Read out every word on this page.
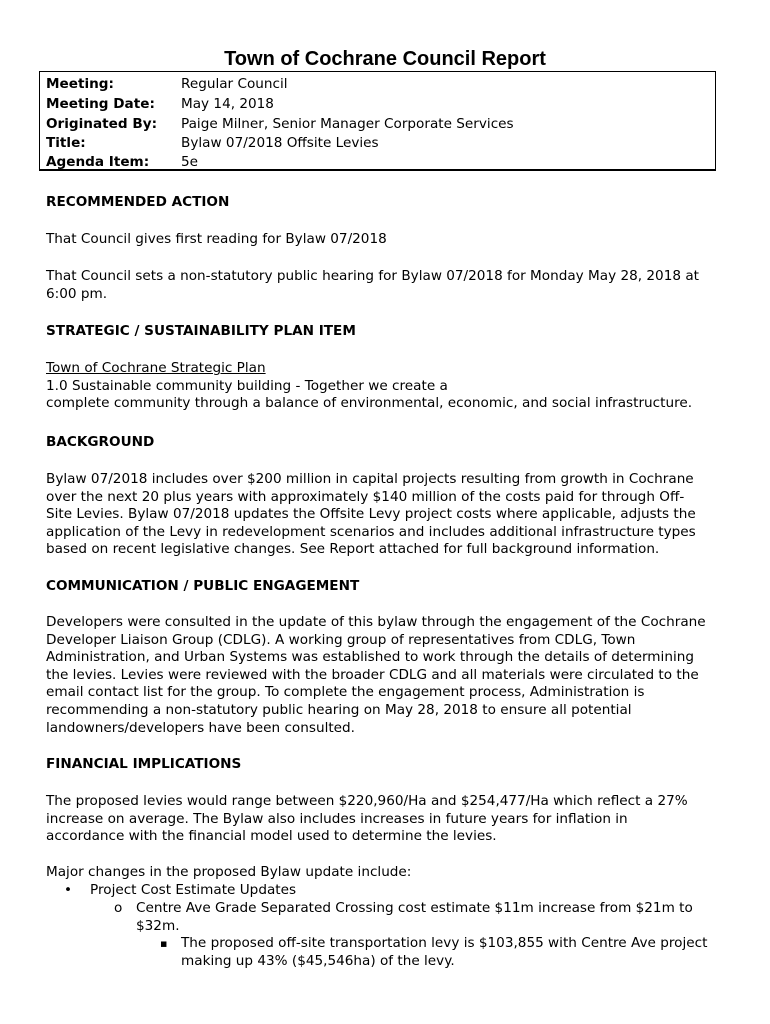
Town of Cochrane Council Report
Meeting:	Regular Council
Meeting Date: May 14, 2018
Originated By: Paige Milner, Senior Manager Corporate Services
Title:	Bylaw 07/2018 Offsite Levies
Agenda Item: 5e
RECOMMENDED ACTION
That Council gives first reading for Bylaw 07/2018
That Council sets a non-statutory public hearing for Bylaw 07/2018 for Monday May 28, 2018 at
6:00 pm.
STRATEGIC / SUSTAINABILITY PLAN ITEM
Town of Cochrane Strategic Plan
1.0 Sustainable community building - Together we create a
complete community through a balance of environmental, economic, and social infrastructure.
BACKGROUND
Bylaw 07/2018 includes over $200 million in capital projects resulting from growth in Cochrane
over the next 20 plus years with approximately $140 million of the costs paid for through Off-
Site Levies. Bylaw 07/2018 updates the Offsite Levy project costs where applicable, adjusts the
application of the Levy in redevelopment scenarios and includes additional infrastructure types
based on recent legislative changes. See Report attached for full background information.
COMMUNICATION / PUBLIC ENGAGEMENT
Developers were consulted in the update of this bylaw through the engagement of the Cochrane
Developer Liaison Group (CDLG). A working group of representatives from CDLG, Town
Administration, and Urban Systems was established to work through the details of determining
the levies. Levies were reviewed with the broader CDLG and all materials were circulated to the
email contact list for the group. To complete the engagement process, Administration is
recommending a non-statutory public hearing on May 28, 2018 to ensure all potential
landowners/developers have been consulted.
FINANCIAL IMPLICATIONS
The proposed levies would range between $220,960/Ha and $254,477/Ha which reflect a 27%
increase on average. The Bylaw also includes increases in future years for inflation in
accordance with the financial model used to determine the levies.
Major changes in the proposed Bylaw update include:
• Project Cost Estimate Updates
o Centre Ave Grade Separated Crossing cost estimate $11m increase from $21m to
$32m.
▪ The proposed off-site transportation levy is $103,855 with Centre Ave project
making up 43% ($45,546ha) of the levy.
